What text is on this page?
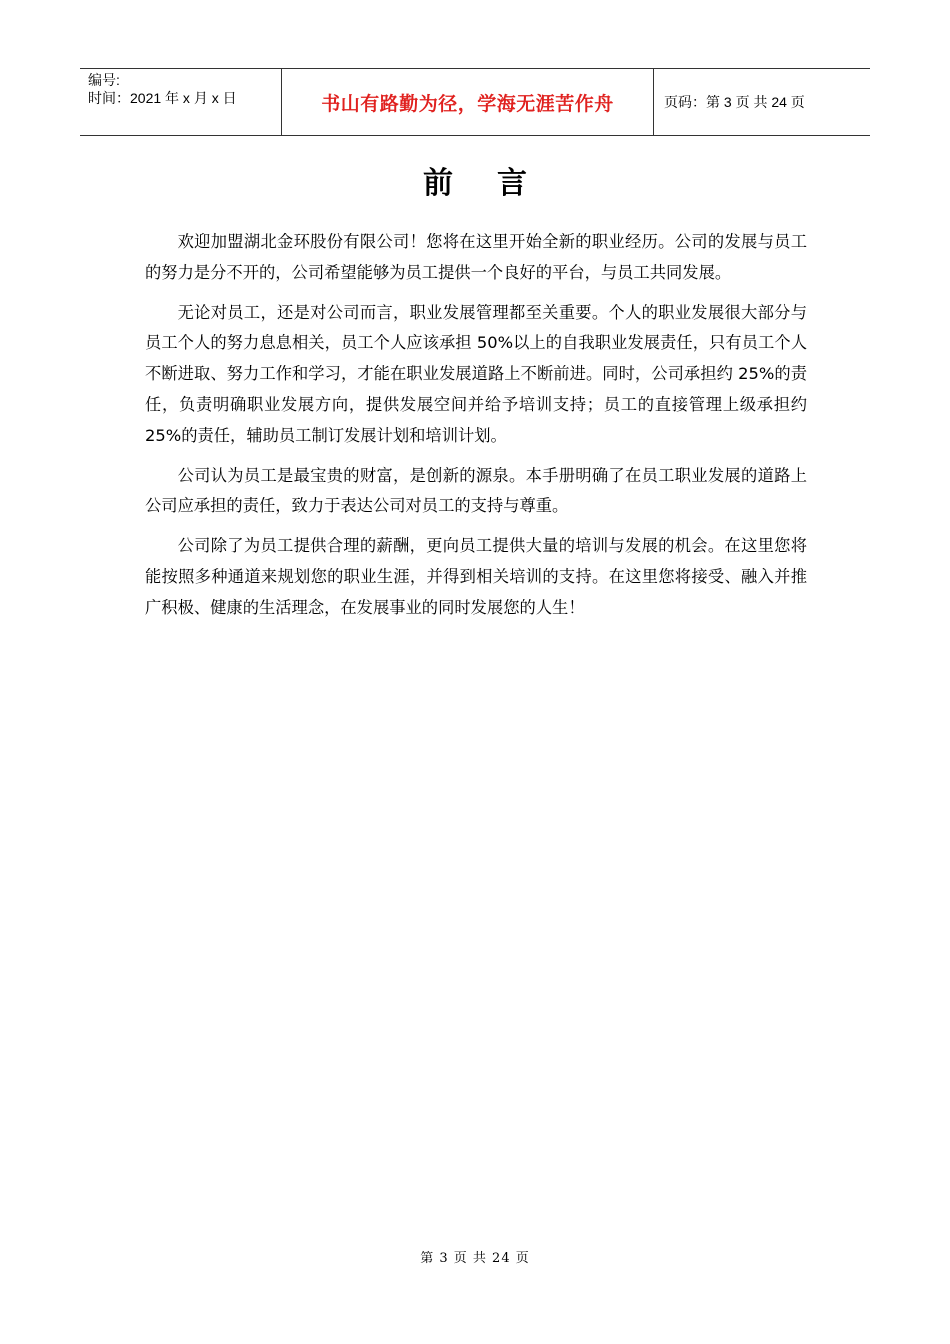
编号:
时间：2021 年 x 月 x 日	书山有路勤为径，学海无涯苦作舟	页码：第 3 页 共 24 页
前言

欢迎加盟湖北金环股份有限公司！您将在这里开始全新的职业经历。公司的发展与员工的努力是分不开的，公司希望能够为员工提供一个良好的平台，与员工共同发展。

无论对员工，还是对公司而言，职业发展管理都至关重要。个人的职业发展很大部分与员工个人的努力息息相关，员工个人应该承担 50%以上的自我职业发展责任，只有员工个人不断进取、努力工作和学习，才能在职业发展道路上不断前进。同时，公司承担约 25%的责任，负责明确职业发展方向，提供发展空间并给予培训支持；员工的直接管理上级承担约 25%的责任，辅助员工制订发展计划和培训计划。

公司认为员工是最宝贵的财富，是创新的源泉。本手册明确了在员工职业发展的道路上公司应承担的责任，致力于表达公司对员工的支持与尊重。

公司除了为员工提供合理的薪酬，更向员工提供大量的培训与发展的机会。在这里您将能按照多种通道来规划您的职业生涯，并得到相关培训的支持。在这里您将接受、融入并推广积极、健康的生活理念，在发展事业的同时发展您的人生！

第 3 页 共 24 页
